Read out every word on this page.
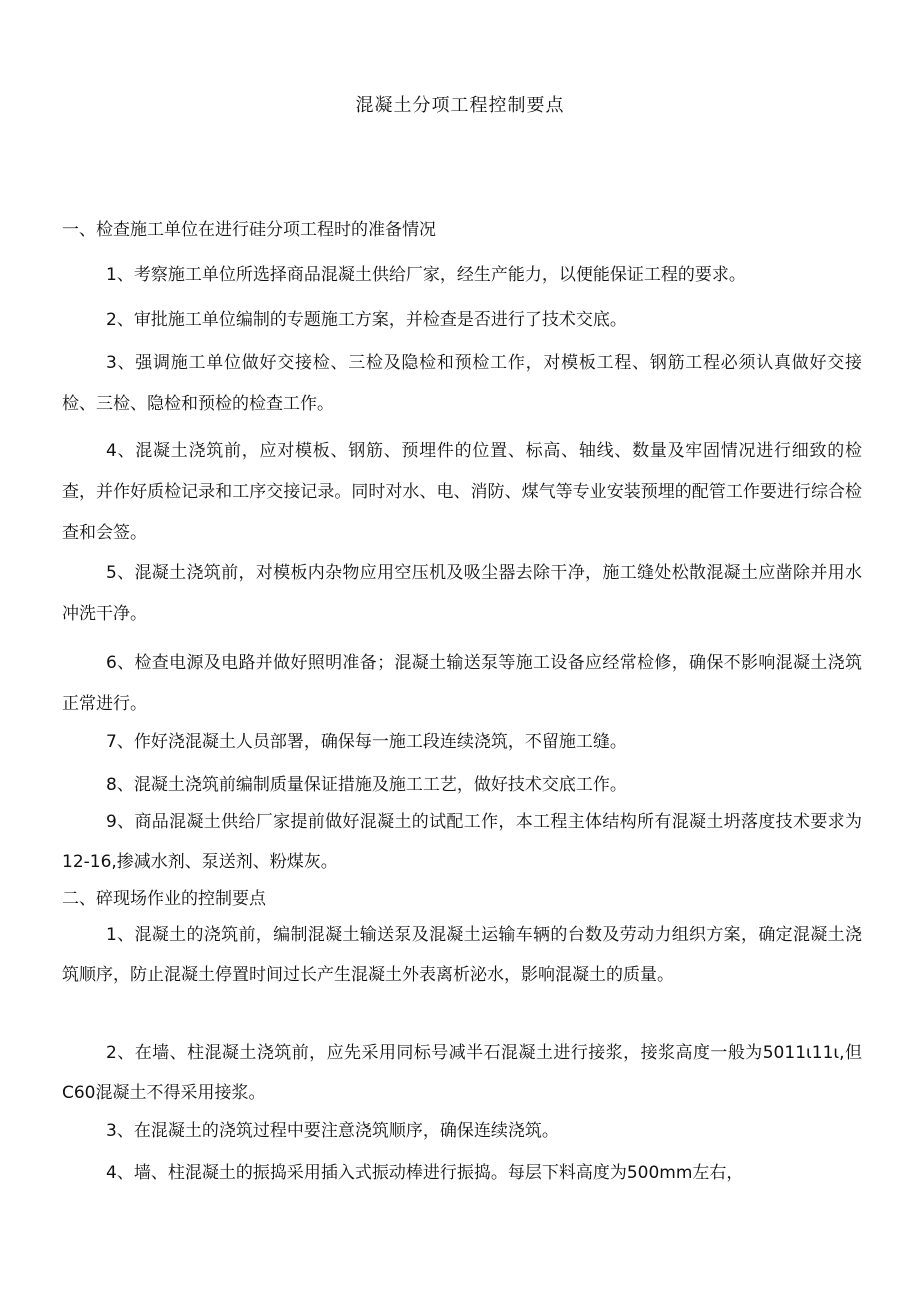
混凝土分项工程控制要点
一、检查施工单位在进行硅分项工程时的准备情况
1、考察施工单位所选择商品混凝土供给厂家，经生产能力，以便能保证工程的要求。
2、审批施工单位编制的专题施工方案，并检查是否进行了技术交底。
3、强调施工单位做好交接检、三检及隐检和预检工作，对模板工程、钢筋工程必须认真做好交接检、三检、隐检和预检的检查工作。
4、混凝土浇筑前，应对模板、钢筋、预埋件的位置、标高、轴线、数量及牢固情况进行细致的检查，并作好质检记录和工序交接记录。同时对水、电、消防、煤气等专业安装预埋的配管工作要进行综合检查和会签。
5、混凝土浇筑前，对模板内杂物应用空压机及吸尘器去除干净，施工缝处松散混凝土应凿除并用水冲洗干净。
6、检查电源及电路并做好照明准备；混凝土输送泵等施工设备应经常检修，确保不影响混凝土浇筑正常进行。
7、作好浇混凝土人员部署，确保每一施工段连续浇筑，不留施工缝。
8、混凝土浇筑前编制质量保证措施及施工工艺，做好技术交底工作。
9、商品混凝土供给厂家提前做好混凝土的试配工作，本工程主体结构所有混凝土坍落度技术要求为12-16,掺减水剂、泵送剂、粉煤灰。
二、碎现场作业的控制要点
1、混凝土的浇筑前，编制混凝土输送泵及混凝土运输车辆的台数及劳动力组织方案，确定混凝土浇筑顺序，防止混凝土停置时间过长产生混凝土外表离析泌水，影响混凝土的质量。
2、在墙、柱混凝土浇筑前，应先采用同标号减半石混凝土进行接浆，接浆高度一般为5011ι11ι,但C60混凝土不得采用接浆。
3、在混凝土的浇筑过程中要注意浇筑顺序，确保连续浇筑。
4、墙、柱混凝土的振捣采用插入式振动棒进行振捣。每层下料高度为500mm左右，
